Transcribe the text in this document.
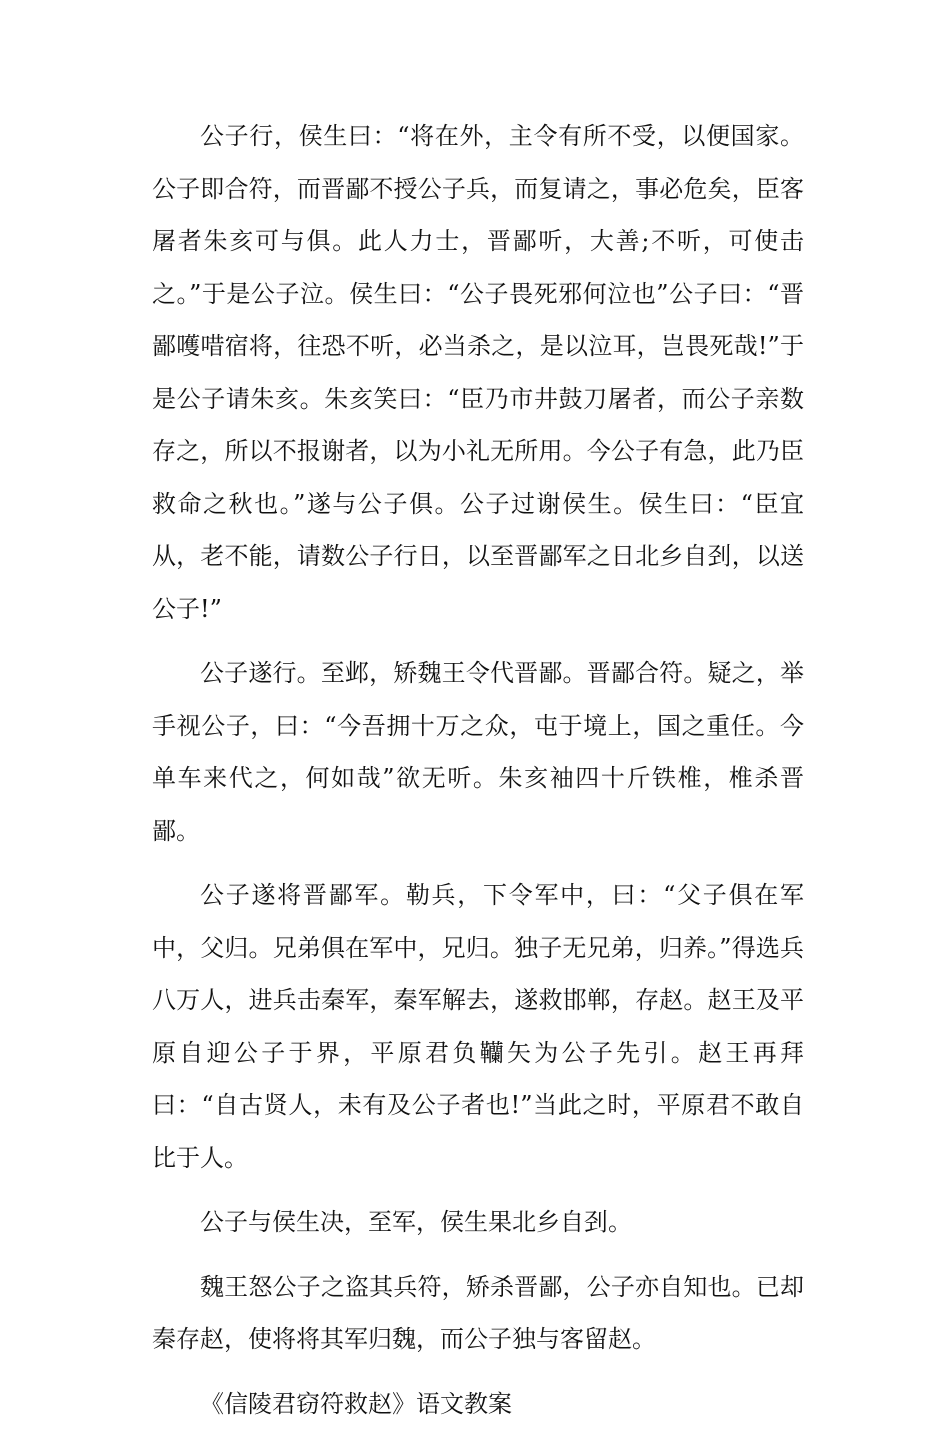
公子行，侯生曰：“将在外，主令有所不受，以便国家。公子即合符，而晋鄙不授公子兵，而复请之，事必危矣，臣客屠者朱亥可与俱。此人力士，晋鄙听，大善;不听，可使击之。”于是公子泣。侯生曰：“公子畏死邪何泣也”公子曰：“晋鄙嚄唶宿将，往恐不听，必当杀之，是以泣耳，岂畏死哉!”于是公子请朱亥。朱亥笑曰：“臣乃市井鼓刀屠者，而公子亲数存之，所以不报谢者，以为小礼无所用。今公子有急，此乃臣救命之秋也。”遂与公子俱。公子过谢侯生。侯生曰：“臣宜从，老不能，请数公子行日，以至晋鄙军之日北乡自刭，以送公子!”

公子遂行。至邺，矫魏王令代晋鄙。晋鄙合符。疑之，举手视公子，曰：“今吾拥十万之众，屯于境上，国之重任。今单车来代之，何如哉”欲无听。朱亥袖四十斤铁椎，椎杀晋鄙。

公子遂将晋鄙军。勒兵，下令军中，曰：“父子俱在军中，父归。兄弟俱在军中，兄归。独子无兄弟，归养。”得选兵八万人，进兵击秦军，秦军解去，遂救邯郸，存赵。赵王及平原自迎公子于界，平原君负韊矢为公子先引。赵王再拜曰：“自古贤人，未有及公子者也!”当此之时，平原君不敢自比于人。

公子与侯生决，至军，侯生果北乡自刭。

魏王怒公子之盗其兵符，矫杀晋鄙，公子亦自知也。已却秦存赵，使将将其军归魏，而公子独与客留赵。

《信陵君窃符救赵》语文教案
